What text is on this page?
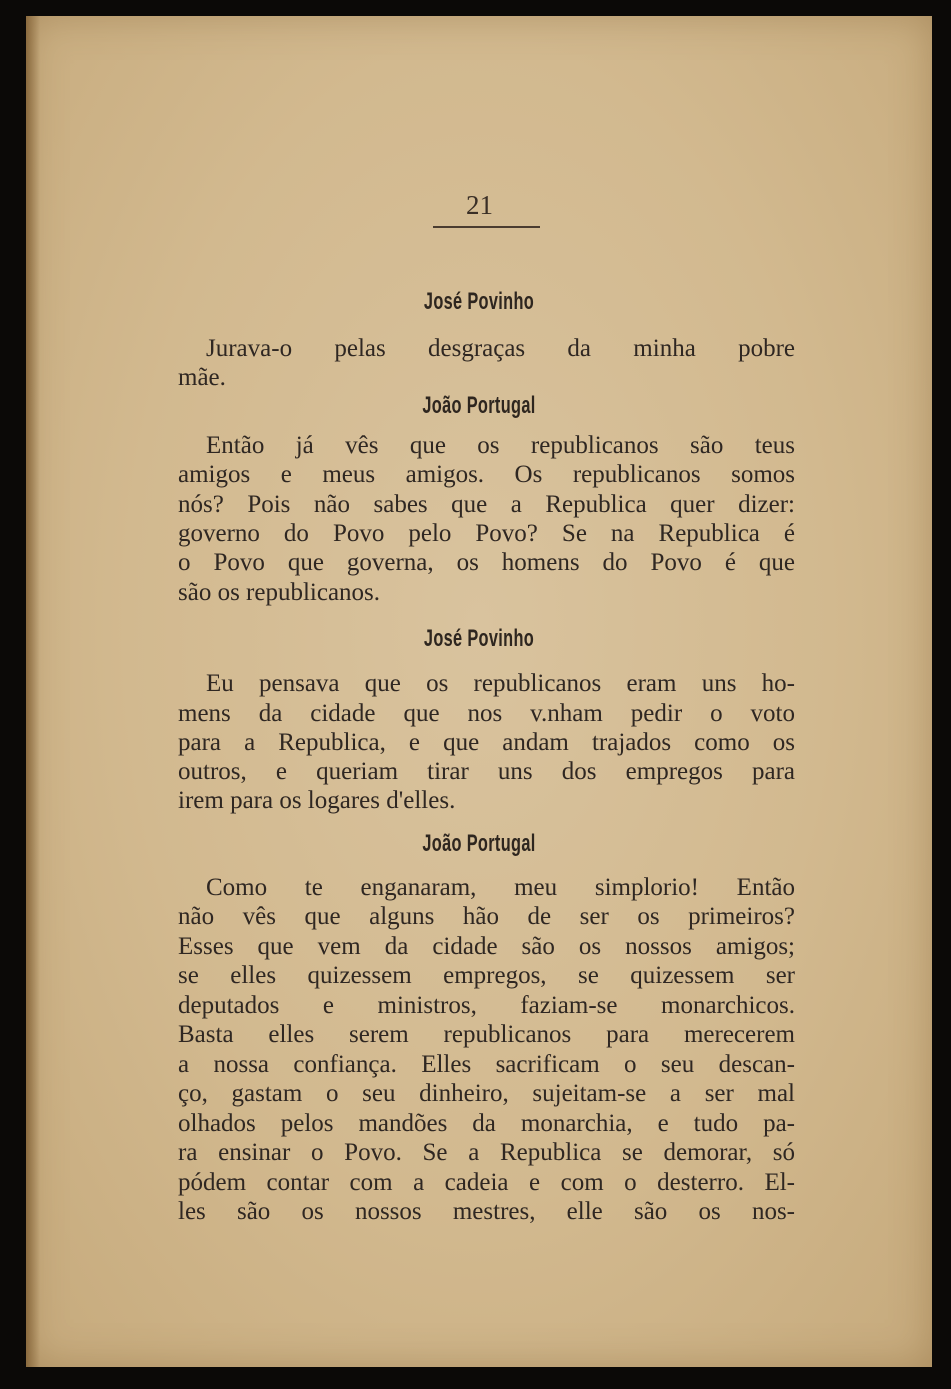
21
José Povinho
Jurava-o pelas desgraças da minha pobre
mãe.
João Portugal
Então já vês que os republicanos são teus
amigos e meus amigos. Os republicanos somos
nós? Pois não sabes que a Republica quer dizer:
governo do Povo pelo Povo? Se na Republica é
o Povo que governa, os homens do Povo é que
são os republicanos.
José Povinho
Eu pensava que os republicanos eram uns ho-
mens da cidade que nos v.nham pedir o voto
para a Republica, e que andam trajados como os
outros, e queriam tirar uns dos empregos para
irem para os logares d'elles.
João Portugal
Como te enganaram, meu simplorio! Então
não vês que alguns hão de ser os primeiros?
Esses que vem da cidade são os nossos amigos;
se elles quizessem empregos, se quizessem ser
deputados e ministros, faziam-se monarchicos.
Basta elles serem republicanos para merecerem
a nossa confiança. Elles sacrificam o seu descan-
ço, gastam o seu dinheiro, sujeitam-se a ser mal
olhados pelos mandões da monarchia, e tudo pa-
ra ensinar o Povo. Se a Republica se demorar, só
pódem contar com a cadeia e com o desterro. El-
les são os nossos mestres, elle são os nos-
